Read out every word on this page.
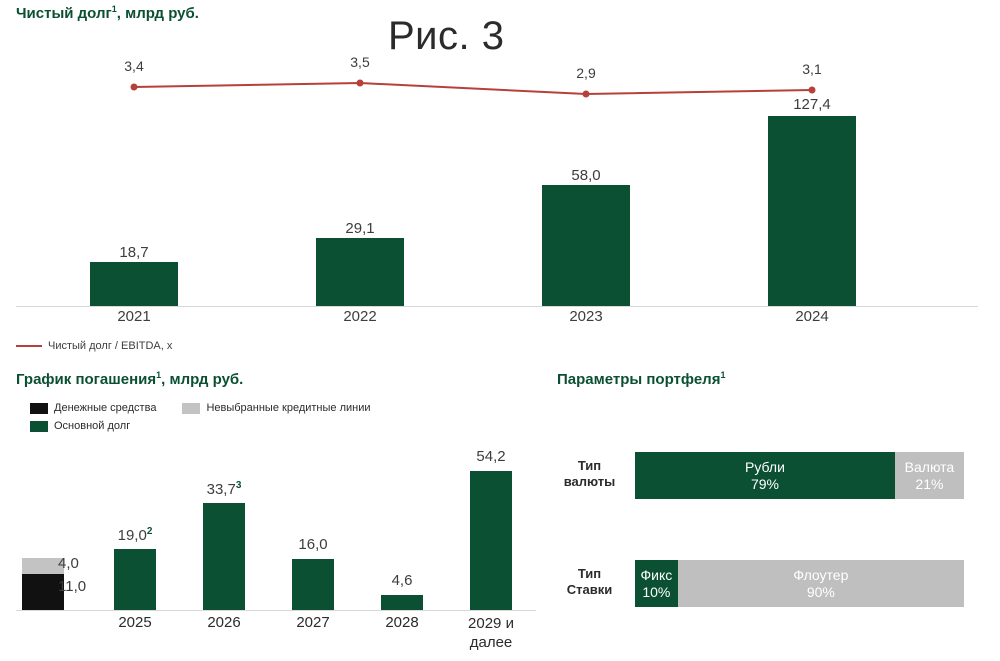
Чистый долг$^1$, млрд руб.
Рис. 3
3,4	3,5
2,9	3,1
18,7
2021
29,1
2022
58,0
2023
127,4
2024
Чистый долг / EBITDA, x
График погашения$^1$, млрд руб.
Денежные средства	Невыбранные кредитные линии
Основной долг
4,0
11,0
19,0$^2$
2025
33,7$^3$
2026
16,0
2027
4,6
2028
54,2
2029 и далее
Параметры портфеля$^1$
Тип
валюты
Рубли
79%
Валюта
21%
Тип
Ставки
Фикс
10%
Флоутер
90%
